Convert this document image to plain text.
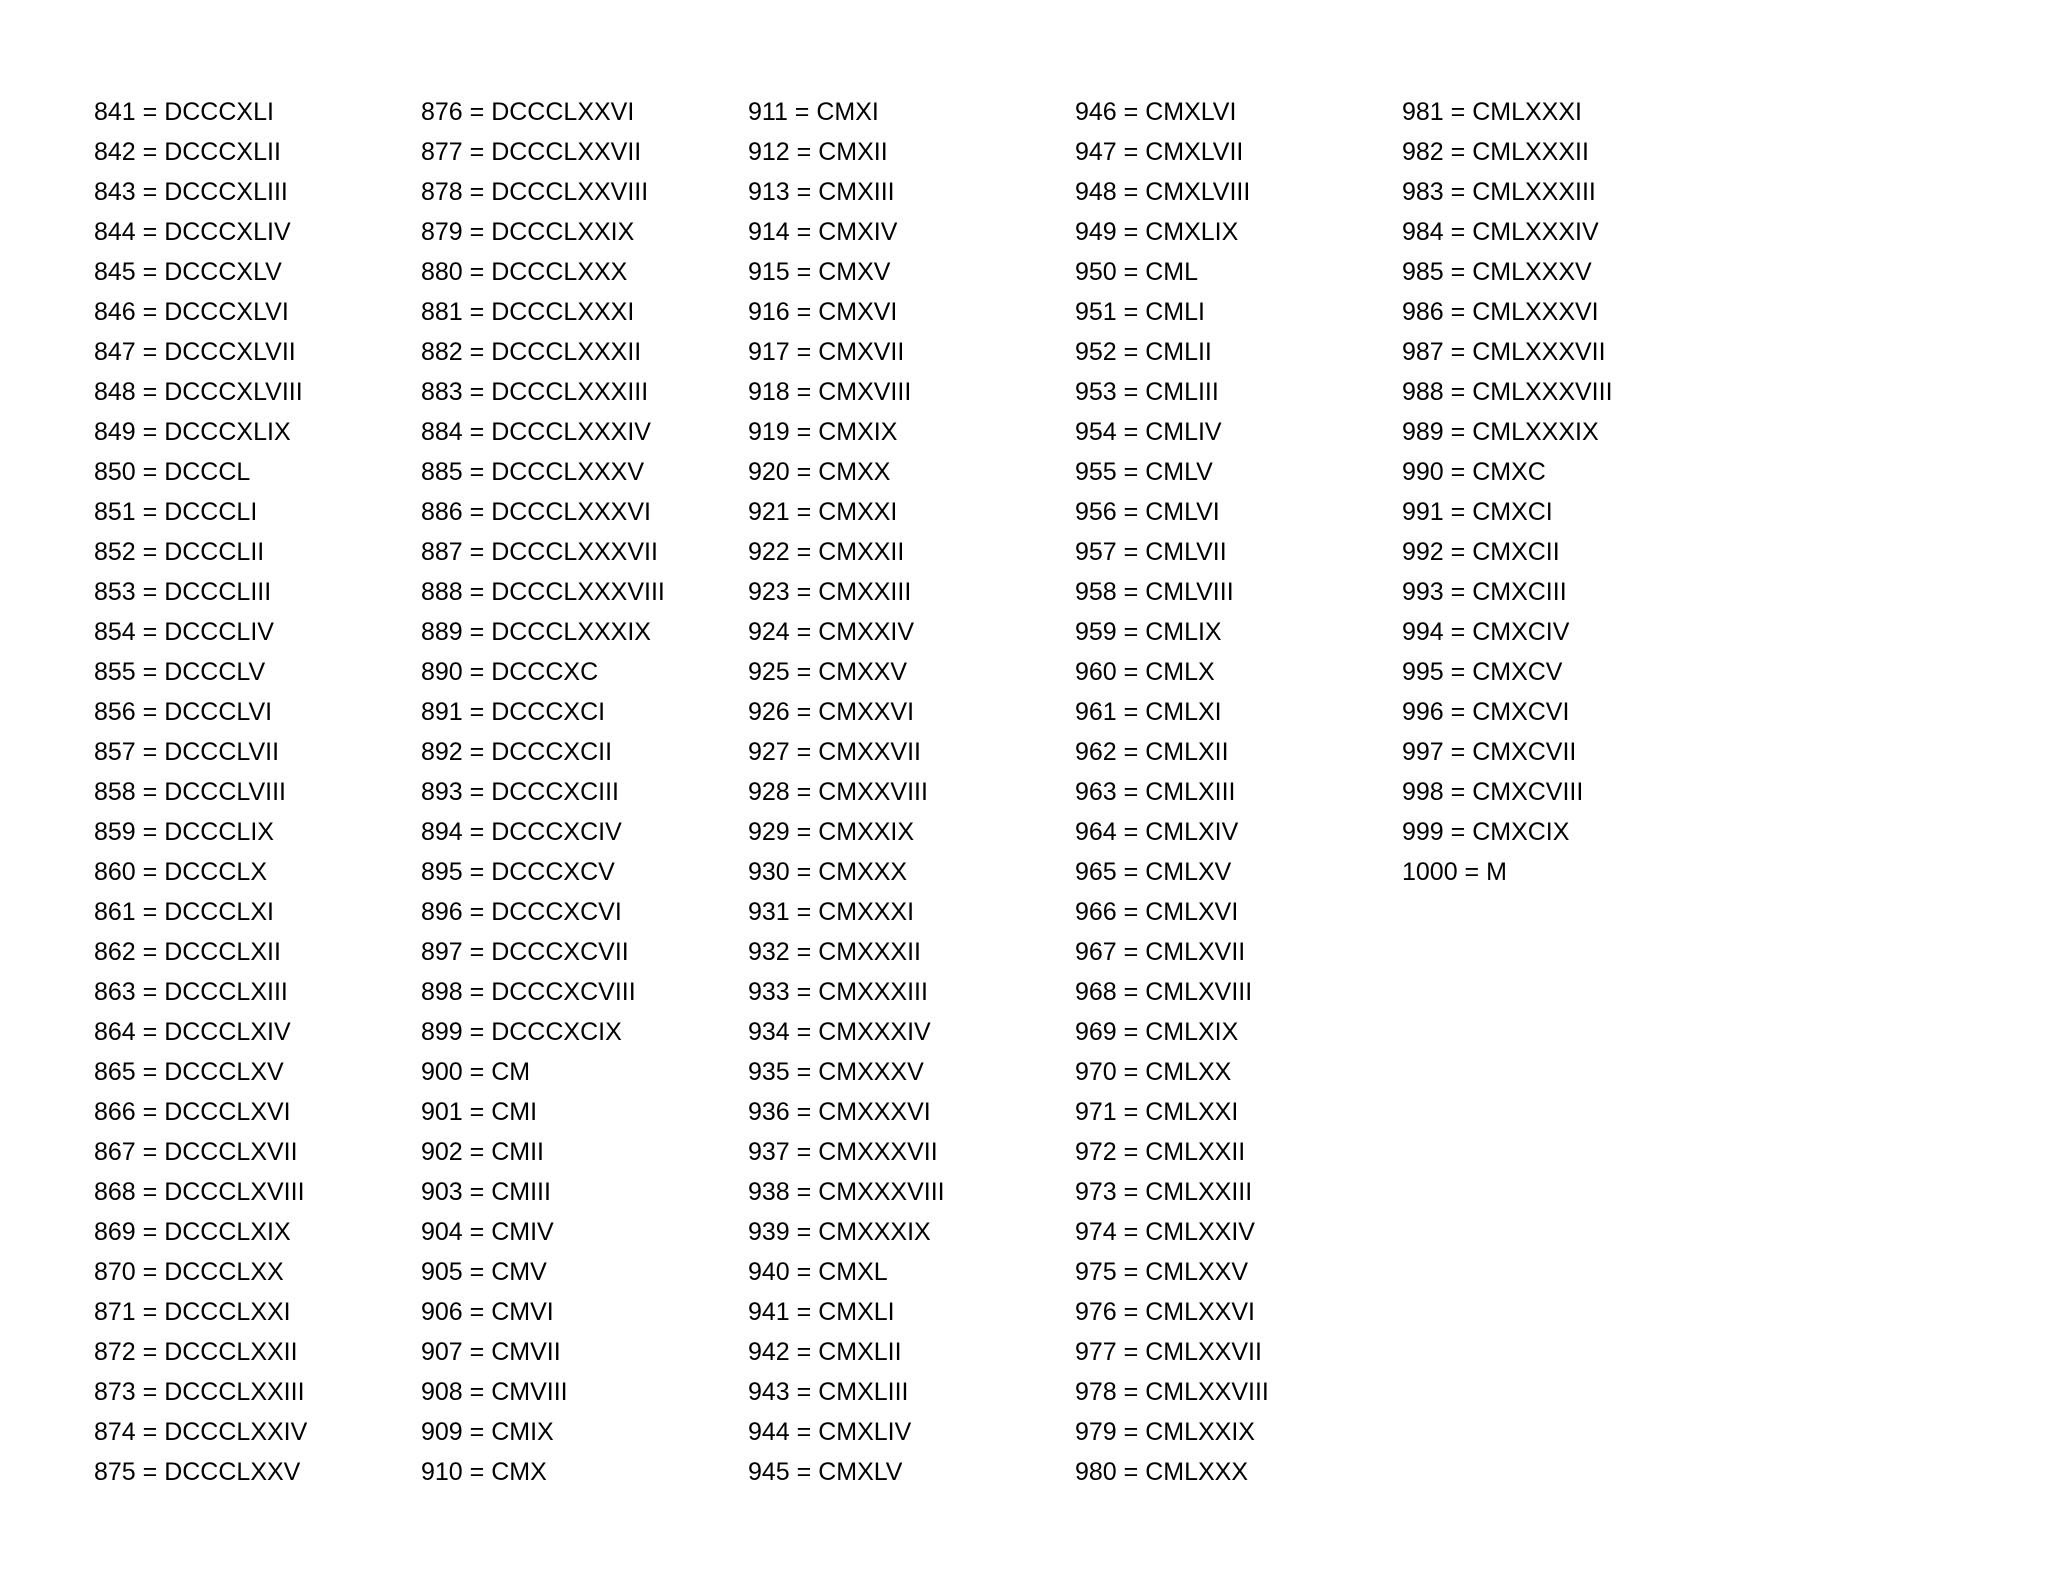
841 = DCCCXLI
842 = DCCCXLII
843 = DCCCXLIII
844 = DCCCXLIV
845 = DCCCXLV
846 = DCCCXLVI
847 = DCCCXLVII
848 = DCCCXLVIII
849 = DCCCXLIX
850 = DCCCL
851 = DCCCLI
852 = DCCCLII
853 = DCCCLIII
854 = DCCCLIV
855 = DCCCLV
856 = DCCCLVI
857 = DCCCLVII
858 = DCCCLVIII
859 = DCCCLIX
860 = DCCCLX
861 = DCCCLXI
862 = DCCCLXII
863 = DCCCLXIII
864 = DCCCLXIV
865 = DCCCLXV
866 = DCCCLXVI
867 = DCCCLXVII
868 = DCCCLXVIII
869 = DCCCLXIX
870 = DCCCLXX
871 = DCCCLXXI
872 = DCCCLXXII
873 = DCCCLXXIII
874 = DCCCLXXIV
875 = DCCCLXXV
876 = DCCCLXXVI
877 = DCCCLXXVII
878 = DCCCLXXVIII
879 = DCCCLXXIX
880 = DCCCLXXX
881 = DCCCLXXXI
882 = DCCCLXXXII
883 = DCCCLXXXIII
884 = DCCCLXXXIV
885 = DCCCLXXXV
886 = DCCCLXXXVI
887 = DCCCLXXXVII
888 = DCCCLXXXVIII
889 = DCCCLXXXIX
890 = DCCCXC
891 = DCCCXCI
892 = DCCCXCII
893 = DCCCXCIII
894 = DCCCXCIV
895 = DCCCXCV
896 = DCCCXCVI
897 = DCCCXCVII
898 = DCCCXCVIII
899 = DCCCXCIX
900 = CM
901 = CMI
902 = CMII
903 = CMIII
904 = CMIV
905 = CMV
906 = CMVI
907 = CMVII
908 = CMVIII
909 = CMIX
910 = CMX
911 = CMXI
912 = CMXII
913 = CMXIII
914 = CMXIV
915 = CMXV
916 = CMXVI
917 = CMXVII
918 = CMXVIII
919 = CMXIX
920 = CMXX
921 = CMXXI
922 = CMXXII
923 = CMXXIII
924 = CMXXIV
925 = CMXXV
926 = CMXXVI
927 = CMXXVII
928 = CMXXVIII
929 = CMXXIX
930 = CMXXX
931 = CMXXXI
932 = CMXXXII
933 = CMXXXIII
934 = CMXXXIV
935 = CMXXXV
936 = CMXXXVI
937 = CMXXXVII
938 = CMXXXVIII
939 = CMXXXIX
940 = CMXL
941 = CMXLI
942 = CMXLII
943 = CMXLIII
944 = CMXLIV
945 = CMXLV
946 = CMXLVI
947 = CMXLVII
948 = CMXLVIII
949 = CMXLIX
950 = CML
951 = CMLI
952 = CMLII
953 = CMLIII
954 = CMLIV
955 = CMLV
956 = CMLVI
957 = CMLVII
958 = CMLVIII
959 = CMLIX
960 = CMLX
961 = CMLXI
962 = CMLXII
963 = CMLXIII
964 = CMLXIV
965 = CMLXV
966 = CMLXVI
967 = CMLXVII
968 = CMLXVIII
969 = CMLXIX
970 = CMLXX
971 = CMLXXI
972 = CMLXXII
973 = CMLXXIII
974 = CMLXXIV
975 = CMLXXV
976 = CMLXXVI
977 = CMLXXVII
978 = CMLXXVIII
979 = CMLXXIX
980 = CMLXXX
981 = CMLXXXI
982 = CMLXXXII
983 = CMLXXXIII
984 = CMLXXXIV
985 = CMLXXXV
986 = CMLXXXVI
987 = CMLXXXVII
988 = CMLXXXVIII
989 = CMLXXXIX
990 = CMXC
991 = CMXCI
992 = CMXCII
993 = CMXCIII
994 = CMXCIV
995 = CMXCV
996 = CMXCVI
997 = CMXCVII
998 = CMXCVIII
999 = CMXCIX
1000 = M
